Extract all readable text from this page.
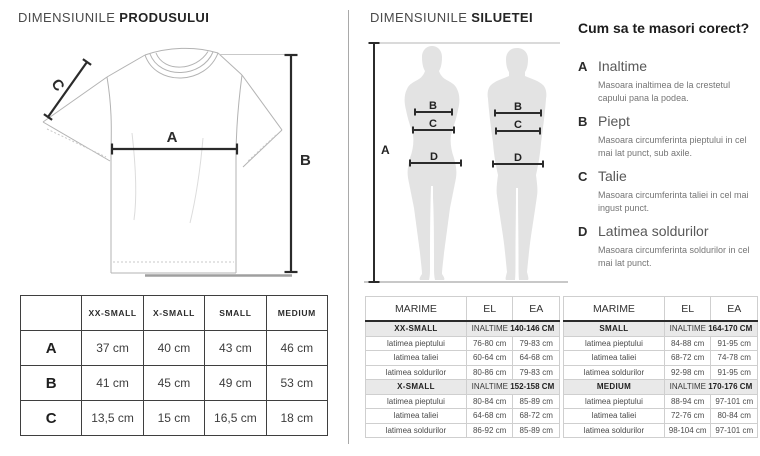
DIMENSIUNILE PRODUSULUI
A
B
C
	XX-SMALL	X-SMALL	SMALL	MEDIUM
A	37 cm	40 cm	43 cm	46 cm
B	41 cm	45 cm	49 cm	53 cm
C	13,5 cm	15 cm	16,5 cm	18 cm
DIMENSIUNILE SILUETEI
A
B
C
D
B
C
D
MARIME	EL	EA
XX-SMALL	INALTIME 140-146 CM	
latimea pieptului	76-80 cm	79-83 cm
latimea taliei	60-64 cm	64-68 cm
latimea soldurilor	80-86 cm	79-83 cm
X-SMALL	INALTIME 152-158 CM	
latimea pieptului	80-84 cm	85-89 cm
latimea taliei	64-68 cm	68-72 cm
latimea soldurilor	86-92 cm	85-89 cm
MARIME	EL	EA
SMALL	INALTIME 164-170 CM	
latimea pieptului	84-88 cm	91-95 cm
latimea taliei	68-72 cm	74-78 cm
latimea soldurilor	92-98 cm	91-95 cm
MEDIUM	INALTIME 170-176 CM	
latimea pieptului	88-94 cm	97-101 cm
latimea taliei	72-76 cm	80-84 cm
latimea soldurilor	98-104 cm	97-101 cm
Cum sa te masori corect?
A Inaltime
Masoara inaltimea de la crestetul capului pana la podea.
B Piept
Masoara circumferinta pieptului in cel mai lat punct, sub axile.
C Talie
Masoara circumferinta taliei in cel mai ingust punct.
D Latimea soldurilor
Masoara circumferinta soldurilor in cel mai lat punct.
